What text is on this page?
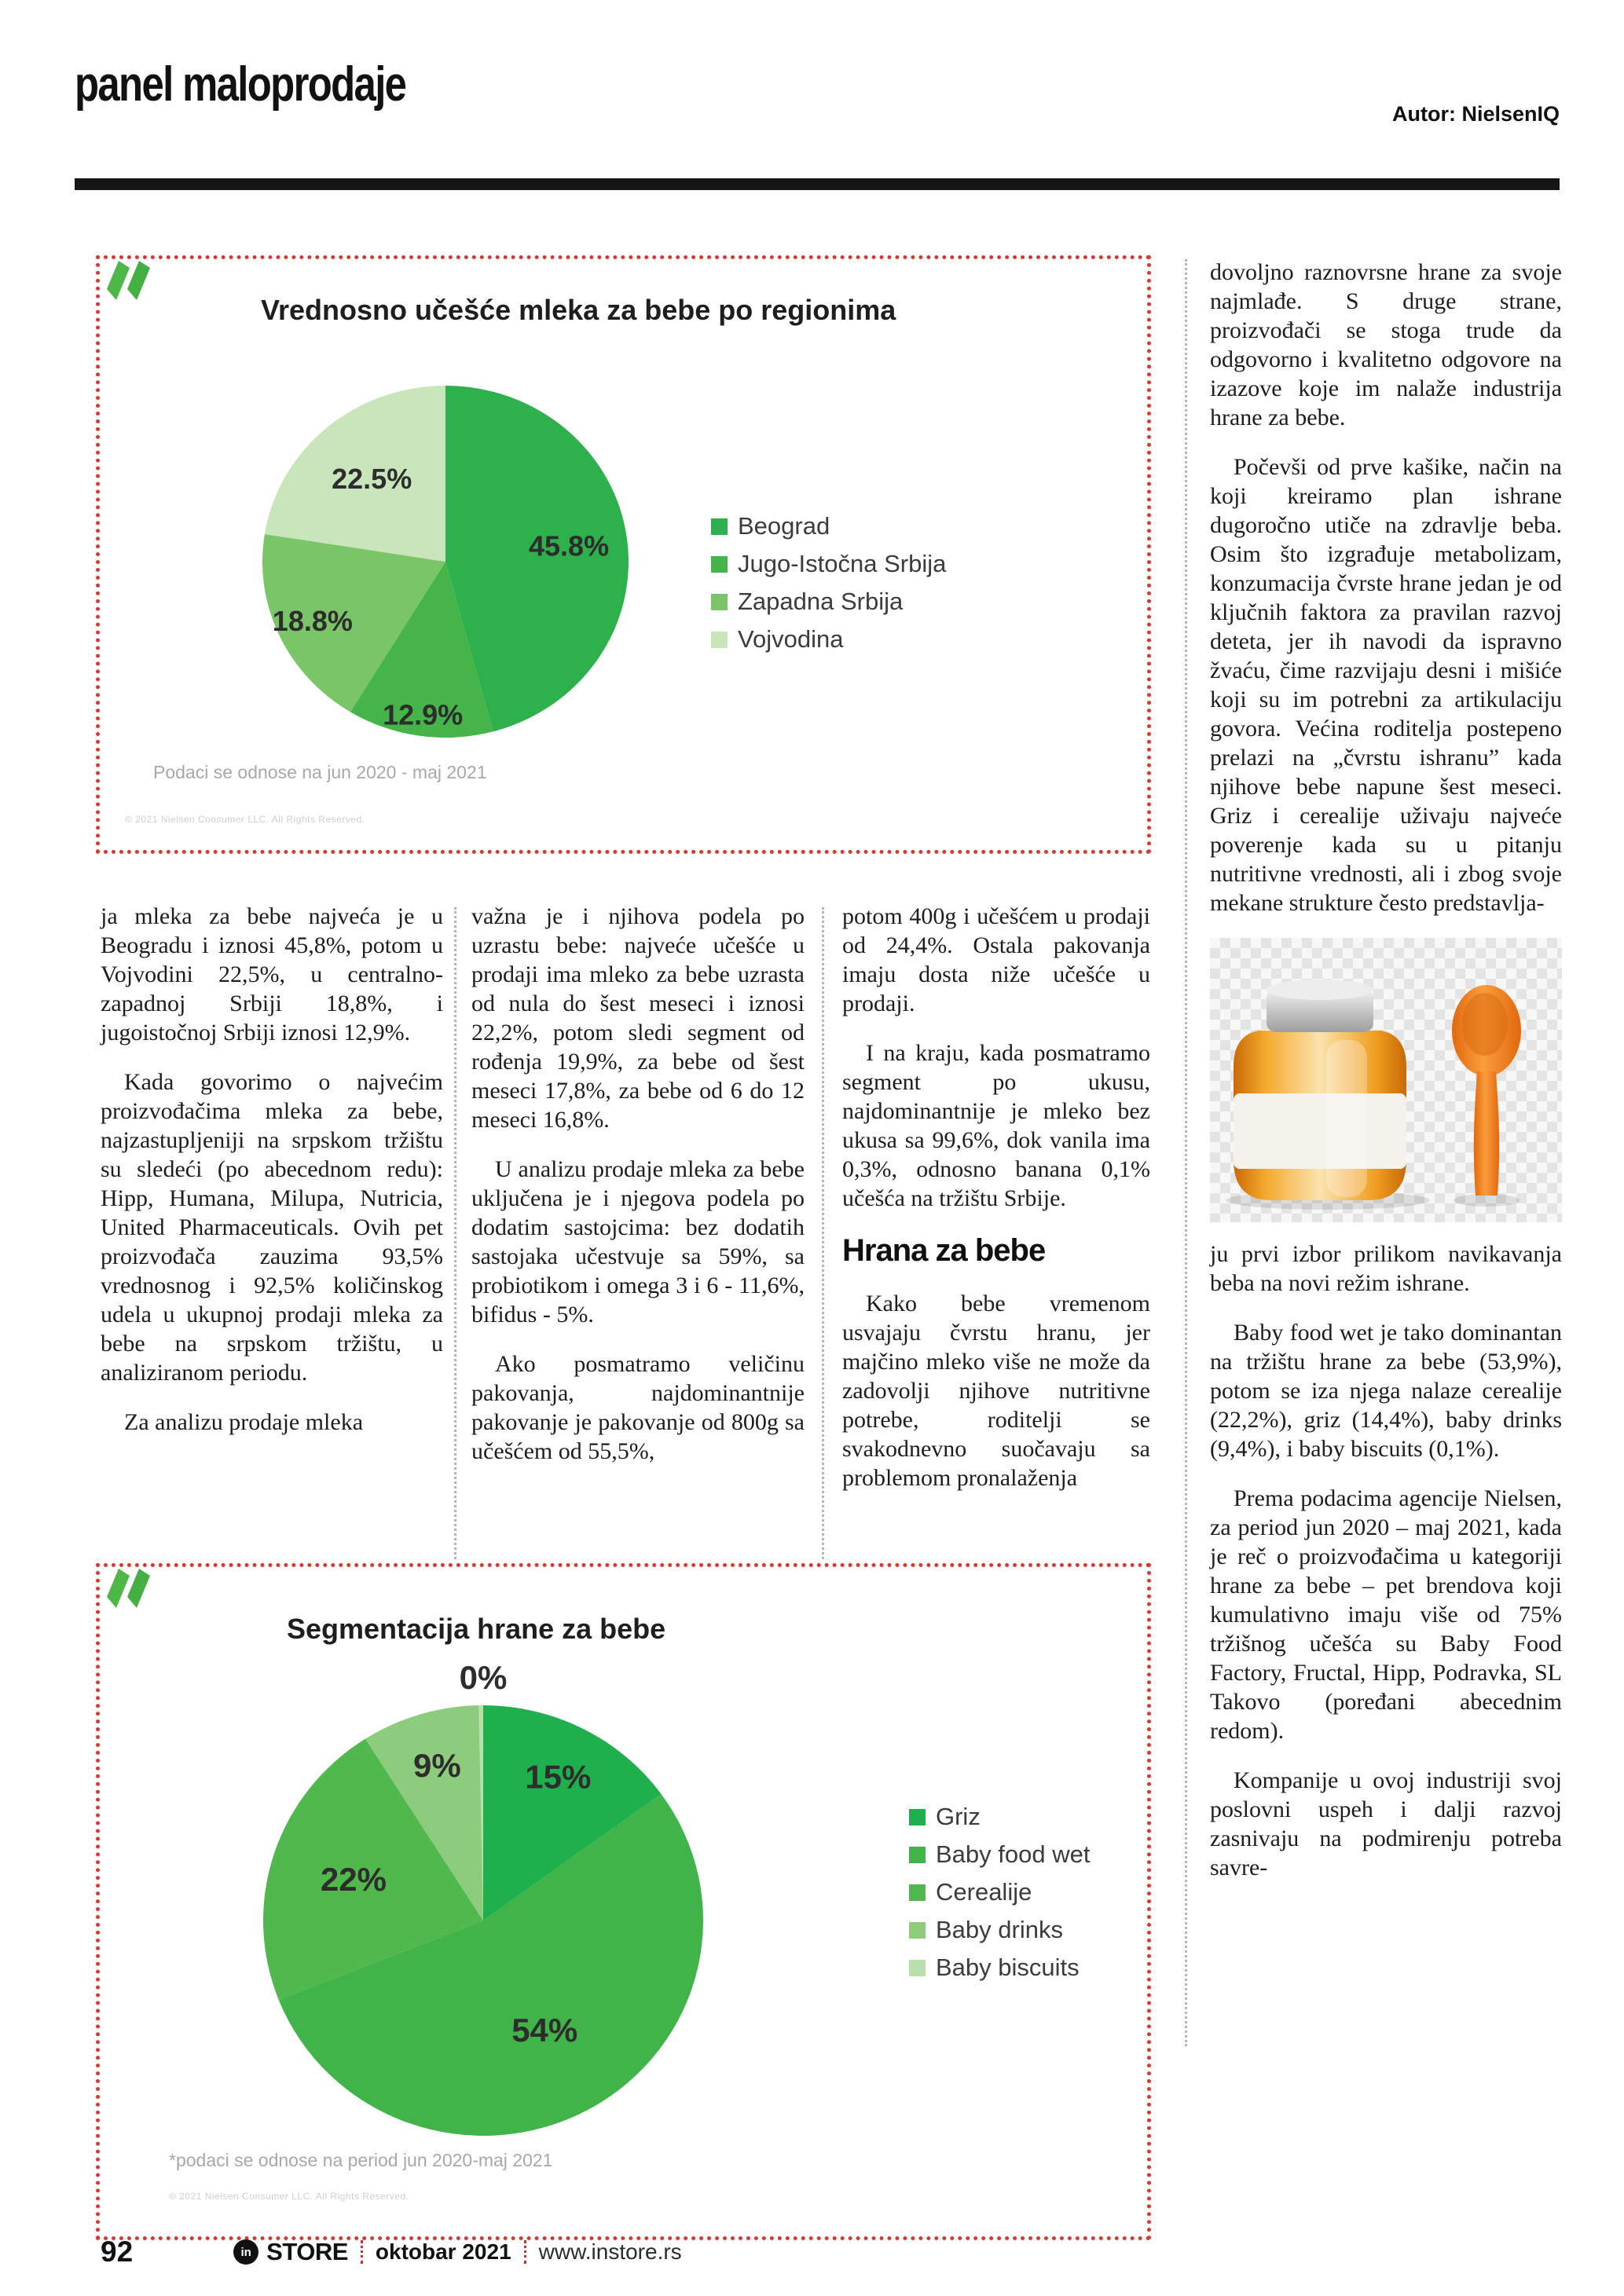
panel maloprodaje
Autor: NielsenIQ
Vrednosno učešće mleka za bebe po regionima
45.8%
12.9%
18.8%
22.5%
Beograd
Jugo-Istočna Srbija
Zapadna Srbija
Vojvodina
Podaci se odnose na jun 2020 - maj 2021
© 2021 Nielsen Consumer LLC. All Rights Reserved.

ja mleka za bebe najveća je u Beogradu i iznosi 45,8%, potom u Vojvodini 22,5%, u centralno-zapadnoj Srbiji 18,8%, i jugoistočnoj Srbiji iznosi 12,9%.

Kada govorimo o najvećim proizvođačima mleka za bebe, najzastupljeniji na srpskom tržištu su sledeći (po abecednom redu): Hipp, Humana, Milupa, Nutricia, United Pharmaceuticals. Ovih pet proizvođača zauzima 93,5% vrednosnog i 92,5% količinskog udela u ukupnoj prodaji mleka za bebe na srpskom tržištu, u analiziranom periodu.

Za analizu prodaje mleka

važna je i njihova podela po uzrastu bebe: najveće učešće u prodaji ima mleko za bebe uzrasta od nula do šest meseci i iznosi 22,2%, potom sledi segment od rođenja 19,9%, za bebe od šest meseci 17,8%, za bebe od 6 do 12 meseci 16,8%.

U analizu prodaje mleka za bebe uključena je i njegova podela po dodatim sastojcima: bez dodatih sastojaka učestvuje sa 59%, sa probiotikom i omega 3 i 6 - 11,6%, bifidus - 5%.

Ako posmatramo veličinu pakovanja, najdominantnije pakovanje je pakovanje od 800g sa učešćem od 55,5%,

potom 400g i učešćem u prodaji od 24,4%. Ostala pakovanja imaju dosta niže učešće u prodaji.

I na kraju, kada posmatramo segment po ukusu, najdominantnije je mleko bez ukusa sa 99,6%, dok vanila ima 0,3%, odnosno banana 0,1% učešća na tržištu Srbije.

Hrana za bebe

Kako bebe vremenom usvajaju čvrstu hranu, jer majčino mleko više ne može da zadovolji njihove nutritivne potrebe, roditelji se svakodnevno suočavaju sa problemom pronalaženja

dovoljno raznovrsne hrane za svoje najmlađe. S druge strane, proizvođači se stoga trude da odgovorno i kvalitetno odgovore na izazove koje im nalaže industrija hrane za bebe.

Počevši od prve kašike, način na koji kreiramo plan ishrane dugoročno utiče na zdravlje beba. Osim što izgrađuje metabolizam, konzumacija čvrste hrane jedan je od ključnih faktora za pravilan razvoj deteta, jer ih navodi da ispravno žvaću, čime razvijaju desni i mišiće koji su im potrebni za artikulaciju govora. Većina roditelja postepeno prelazi na „čvrstu ishranu” kada njihove bebe napune šest meseci. Griz i cerealije uživaju najveće poverenje kada su u pitanju nutritivne vrednosti, ali i zbog svoje mekane strukture često predstavlja-

ju prvi izbor prilikom navikavanja beba na novi režim ishrane.

Baby food wet je tako dominantan na tržištu hrane za bebe (53,9%), potom se iza njega nalaze cerealije (22,2%), griz (14,4%), baby drinks (9,4%), i baby biscuits (0,1%).

Prema podacima agencije Nielsen, za period jun 2020 – maj 2021, kada je reč o proizvođačima u kategoriji hrane za bebe – pet brendova koji kumulativno imaju više od 75% tržišnog učešća su Baby Food Factory, Fructal, Hipp, Podravka, SL Takovo (poređani abecednim redom).

Kompanije u ovoj industriji svoj poslovni uspeh i dalji razvoj zasnivaju na podmirenju potreba savre-

Segmentacija hrane za bebe
15%
54%
22%
9%
0%
Griz
Baby food wet
Cerealije
Baby drinks
Baby biscuits
*podaci se odnose na period jun 2020-maj 2021
© 2021 Nielsen Consumer LLC. All Rights Reserved.
92	in STORE oktobar 2021 www.instore.rs
